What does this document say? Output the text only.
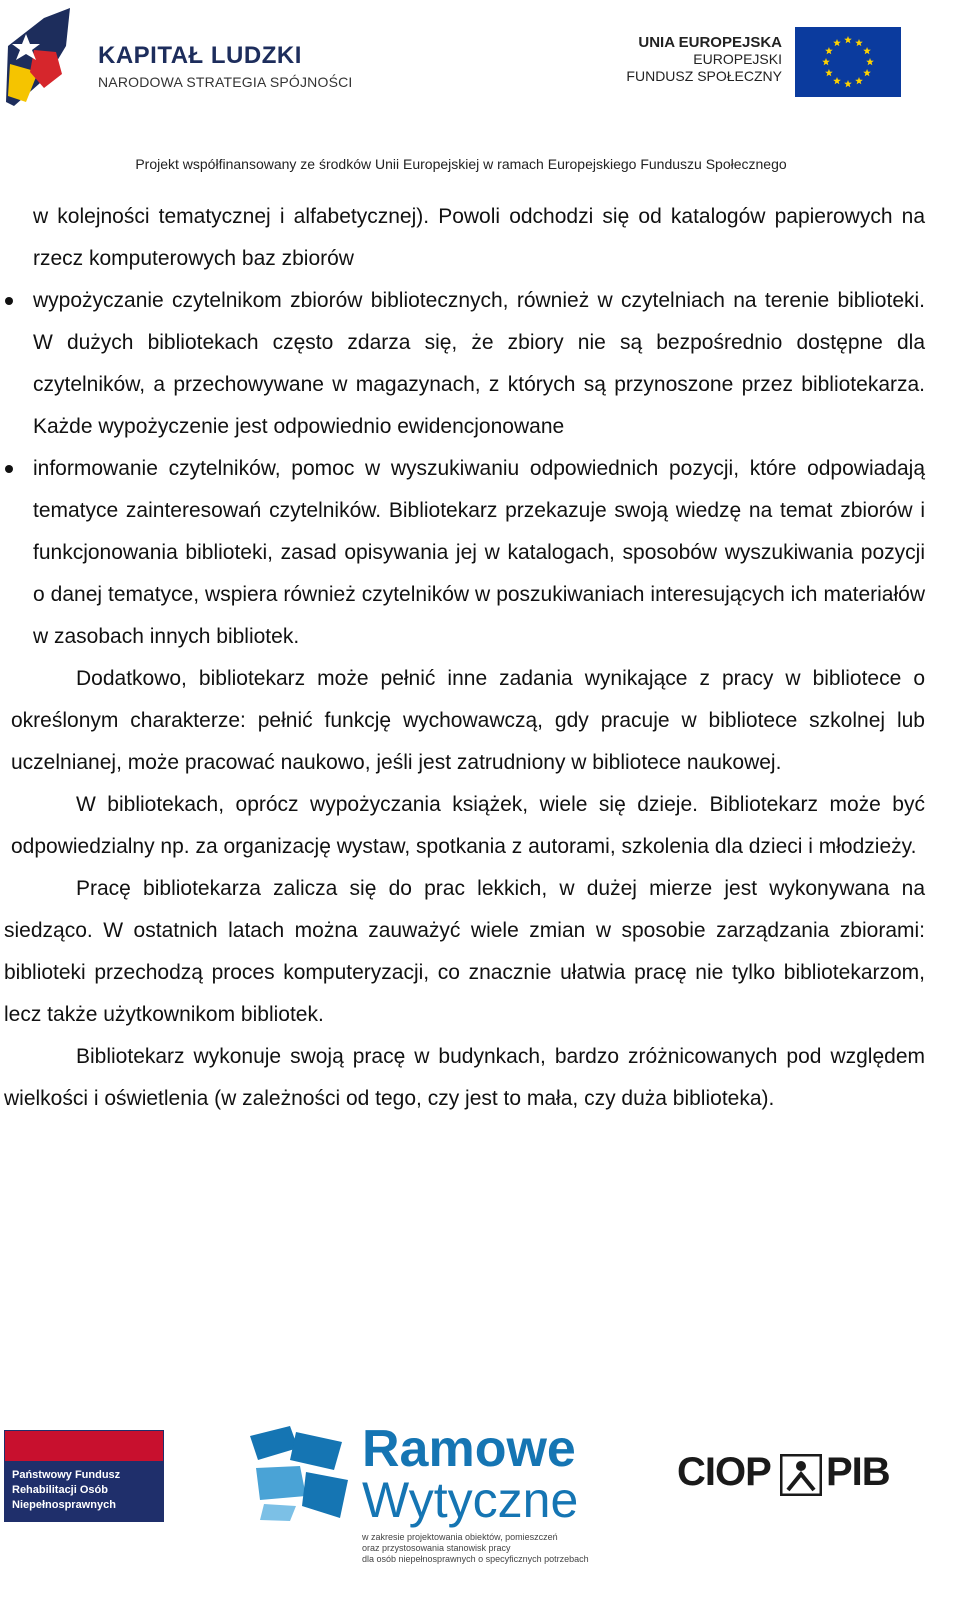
KAPITAŁ LUDZKI
NARODOWA STRATEGIA SPÓJNOŚCI
UNIA EUROPEJSKA
EUROPEJSKI
FUNDUSZ SPOŁECZNY
Projekt współfinansowany ze środków Unii Europejskiej w ramach Europejskiego Funduszu Społecznego

w kolejności tematycznej i alfabetycznej). Powoli odchodzi się od katalogów papierowych na rzecz komputerowych baz zbiorów

wypożyczanie czytelnikom zbiorów bibliotecznych, również w czytelniach na terenie biblioteki. W dużych bibliotekach często zdarza się, że zbiory nie są bezpośrednio dostępne dla czytelników, a przechowywane w magazynach, z których są przynoszone przez bibliotekarza. Każde wypożyczenie jest odpowiednio ewidencjonowane

informowanie czytelników, pomoc w wyszukiwaniu odpowiednich pozycji, które odpowiadają tematyce zainteresowań czytelników. Bibliotekarz przekazuje swoją wiedzę na temat zbiorów i funkcjonowania biblioteki, zasad opisywania jej w katalogach, sposobów wyszukiwania pozycji o danej tematyce, wspiera również czytelników w poszukiwaniach interesujących ich materiałów w zasobach innych bibliotek.

Dodatkowo, bibliotekarz może pełnić inne zadania wynikające z pracy w bibliotece o określonym charakterze: pełnić funkcję wychowawczą, gdy pracuje w bibliotece szkolnej lub uczelnianej, może pracować naukowo, jeśli jest zatrudniony w bibliotece naukowej.

W bibliotekach, oprócz wypożyczania książek, wiele się dzieje. Bibliotekarz może być odpowiedzialny np. za organizację wystaw, spotkania z autorami, szkolenia dla dzieci i młodzieży.

Pracę bibliotekarza zalicza się do prac lekkich, w dużej mierze jest wykonywana na siedząco. W ostatnich latach można zauważyć wiele zmian w sposobie zarządzania zbiorami: biblioteki przechodzą proces komputeryzacji, co znacznie ułatwia pracę nie tylko bibliotekarzom, lecz także użytkownikom bibliotek.

Bibliotekarz wykonuje swoją pracę w budynkach, bardzo zróżnicowanych pod względem wielkości i oświetlenia (w zależności od tego, czy jest to mała, czy duża biblioteka).

Państwowy Fundusz
Rehabilitacji Osób
Niepełnosprawnych
Ramowe
Wytyczne
w zakresie projektowania obiektów, pomieszczeń
oraz przystosowania stanowisk pracy
dla osób niepełnosprawnych o specyficznych potrzebach
CIOP PIB
